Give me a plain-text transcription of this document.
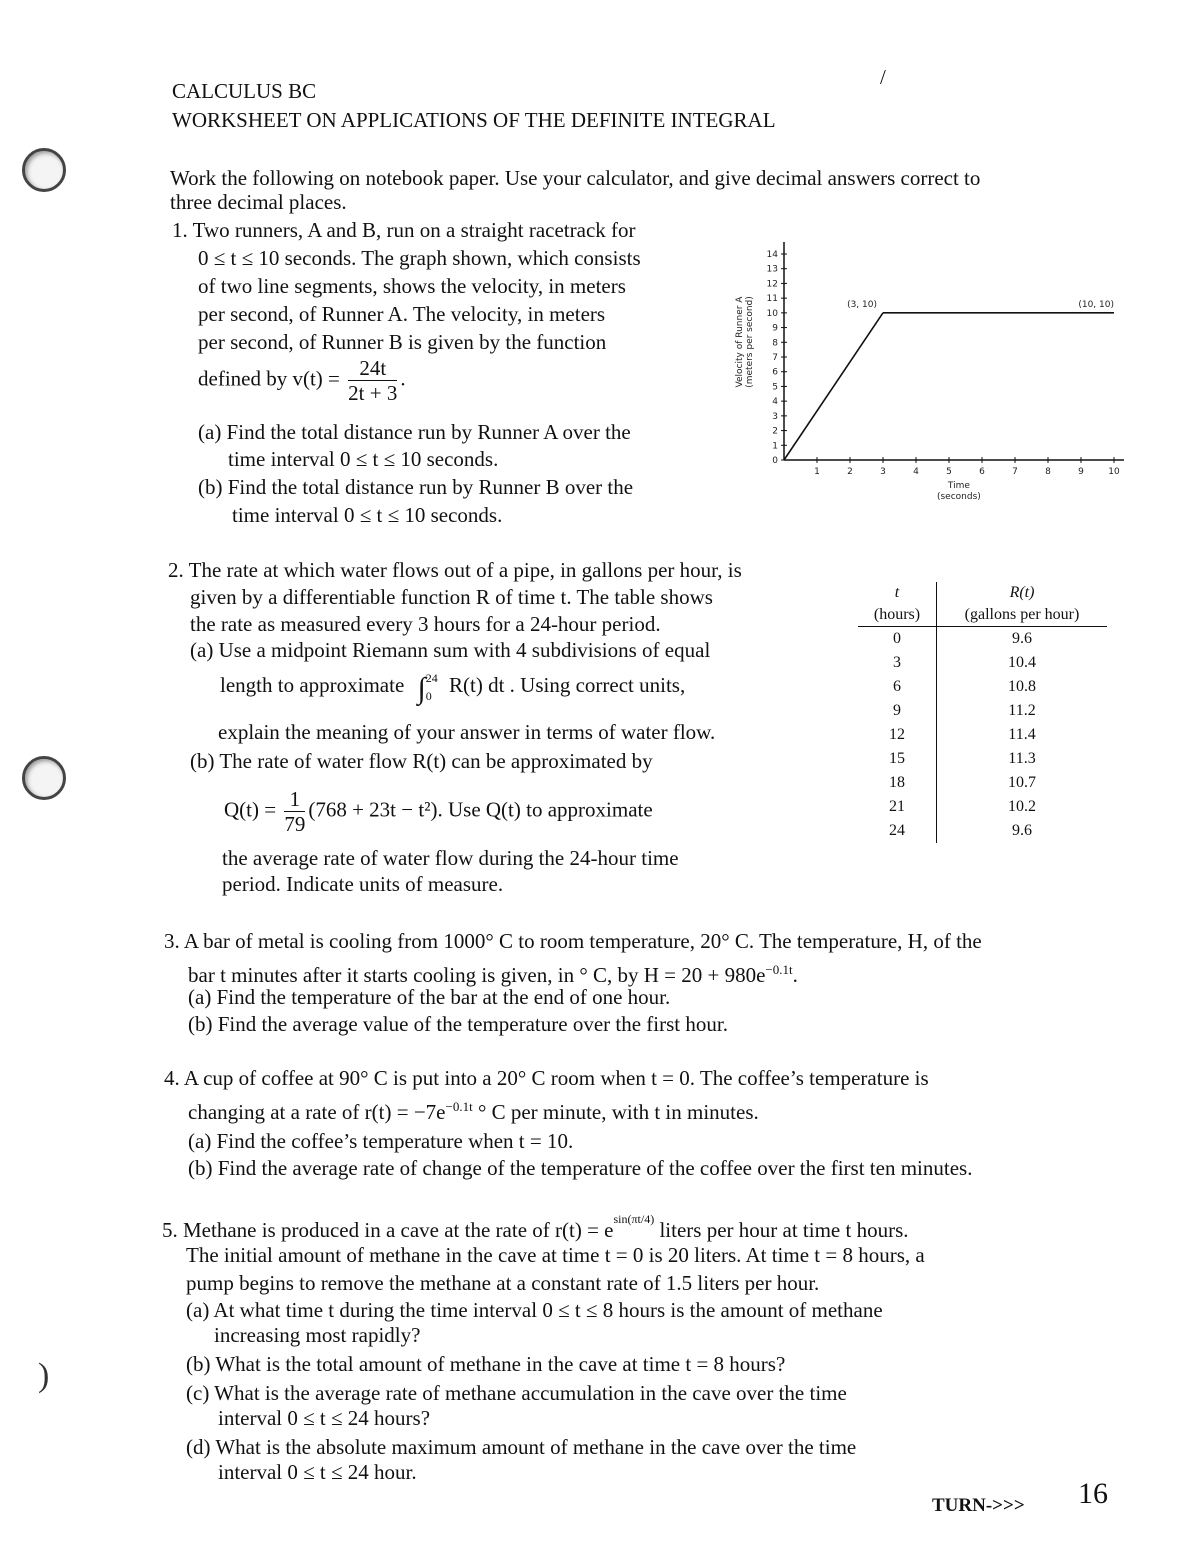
)
CALCULUS BC
WORKSHEET ON APPLICATIONS OF THE DEFINITE INTEGRAL
/
Work the following on notebook paper. Use your calculator, and give decimal answers correct to
three decimal places.
1. Two runners, A and B, run on a straight racetrack for
0 ≤ t ≤ 10 seconds. The graph shown, which consists
of two line segments, shows the velocity, in meters
per second, of Runner A. The velocity, in meters
per second, of Runner B is given by the function
defined by $v(t) = \frac{24t}{2t + 3}$ .
(a) Find the total distance run by Runner A over the
time interval 0 ≤ t ≤ 10 seconds.
(b) Find the total distance run by Runner B over the
time interval 0 ≤ t ≤ 10 seconds.
0
1
2
3
4
5
6
7
8
9
10
11
12
13
14
1	2	3	4	5	6	7	8	9	10
(3, 10)	(10, 10)
Velocity of Runner A (meters per second)
Time
(seconds)
2. The rate at which water flows out of a pipe, in gallons per hour, is
given by a differentiable function R of time t. The table shows
the rate as measured every 3 hours for a 24-hour period.
(a) Use a midpoint Riemann sum with 4 subdivisions of equal
length to approximate ∫ 24
0 R(t) dt . Using correct units,
explain the meaning of your answer in terms of water flow.
(b) The rate of water flow R(t) can be approximated by
$Q(t) = \frac{1}{79} (768 + 23t - t^2)$. Use Q(t) to approximate
the average rate of water flow during the 24-hour time
period. Indicate units of measure.
t	R(t)
(hours)	(gallons per hour)
0	9.6
3	10.4
6	10.8
9	11.2
12	11.4
15	11.3
18	10.7
21	10.2
24	9.6
3. A bar of metal is cooling from 1000° C to room temperature, 20° C. The temperature, H, of the
bar t minutes after it starts cooling is given, in ° C, by $H = 20 + 980e^{-0.1t}$.
(a) Find the temperature of the bar at the end of one hour.
(b) Find the average value of the temperature over the first hour.
4. A cup of coffee at 90° C is put into a 20° C room when t = 0. The coffee’s temperature is
changing at a rate of $r(t) = -7e^{-0.1t}$ ° C per minute, with t in minutes.
(a) Find the coffee’s temperature when t = 10.
(b) Find the average rate of change of the temperature of the coffee over the first ten minutes.
5. Methane is produced in a cave at the rate of $r(t) = e^{sin(\pi t/4)}$ liters per hour at time t hours.
The initial amount of methane in the cave at time t = 0 is 20 liters. At time t = 8 hours, a
pump begins to remove the methane at a constant rate of 1.5 liters per hour.
(a) At what time t during the time interval 0 ≤ t ≤ 8 hours is the amount of methane
increasing most rapidly?
(b) What is the total amount of methane in the cave at time t = 8 hours?
(c) What is the average rate of methane accumulation in the cave over the time
interval 0 ≤ t ≤ 24 hours?
(d) What is the absolute maximum amount of methane in the cave over the time
interval 0 ≤ t ≤ 24 hour.
TURN->>> 16
